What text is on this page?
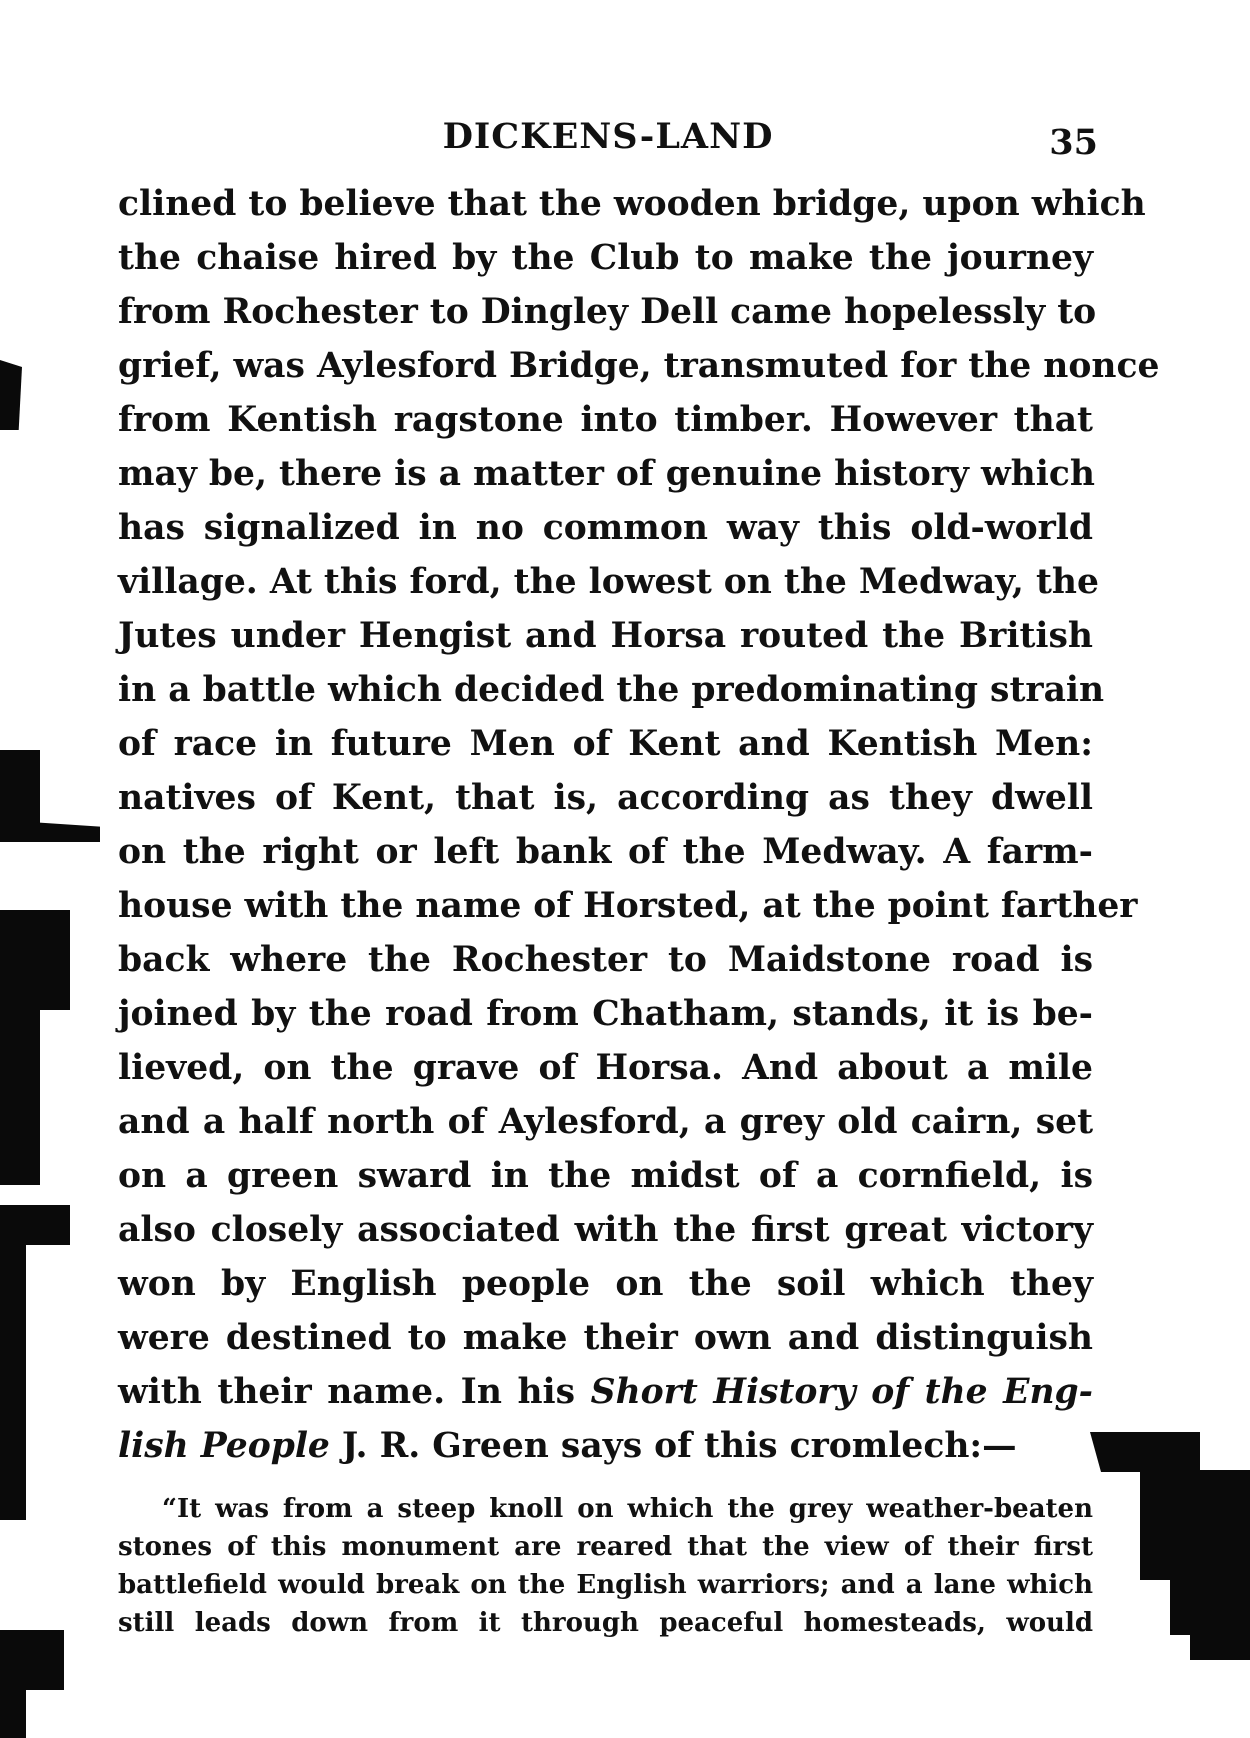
DICKENS-LAND	35
clined to believe that the wooden bridge, upon which
the chaise hired by the Club to make the journey
from Rochester to Dingley Dell came hopelessly to
grief, was Aylesford Bridge, transmuted for the nonce
from Kentish ragstone into timber. However that
may be, there is a matter of genuine history which
has signalized in no common way this old-world
village. At this ford, the lowest on the Medway, the
Jutes under Hengist and Horsa routed the British
in a battle which decided the predominating strain
of race in future Men of Kent and Kentish Men:
natives of Kent, that is, according as they dwell
on the right or left bank of the Medway. A farm-
house with the name of Horsted, at the point farther
back where the Rochester to Maidstone road is
joined by the road from Chatham, stands, it is be-
lieved, on the grave of Horsa. And about a mile
and a half north of Aylesford, a grey old cairn, set
on a green sward in the midst of a cornfield, is
also closely associated with the first great victory
won by English people on the soil which they
were destined to make their own and distinguish
with their name. In his Short History of the Eng-
lish People J. R. Green says of this cromlech:—
“It was from a steep knoll on which the grey weather-beaten
stones of this monument are reared that the view of their first
battlefield would break on the English warriors; and a lane which
still leads down from it through peaceful homesteads, would
